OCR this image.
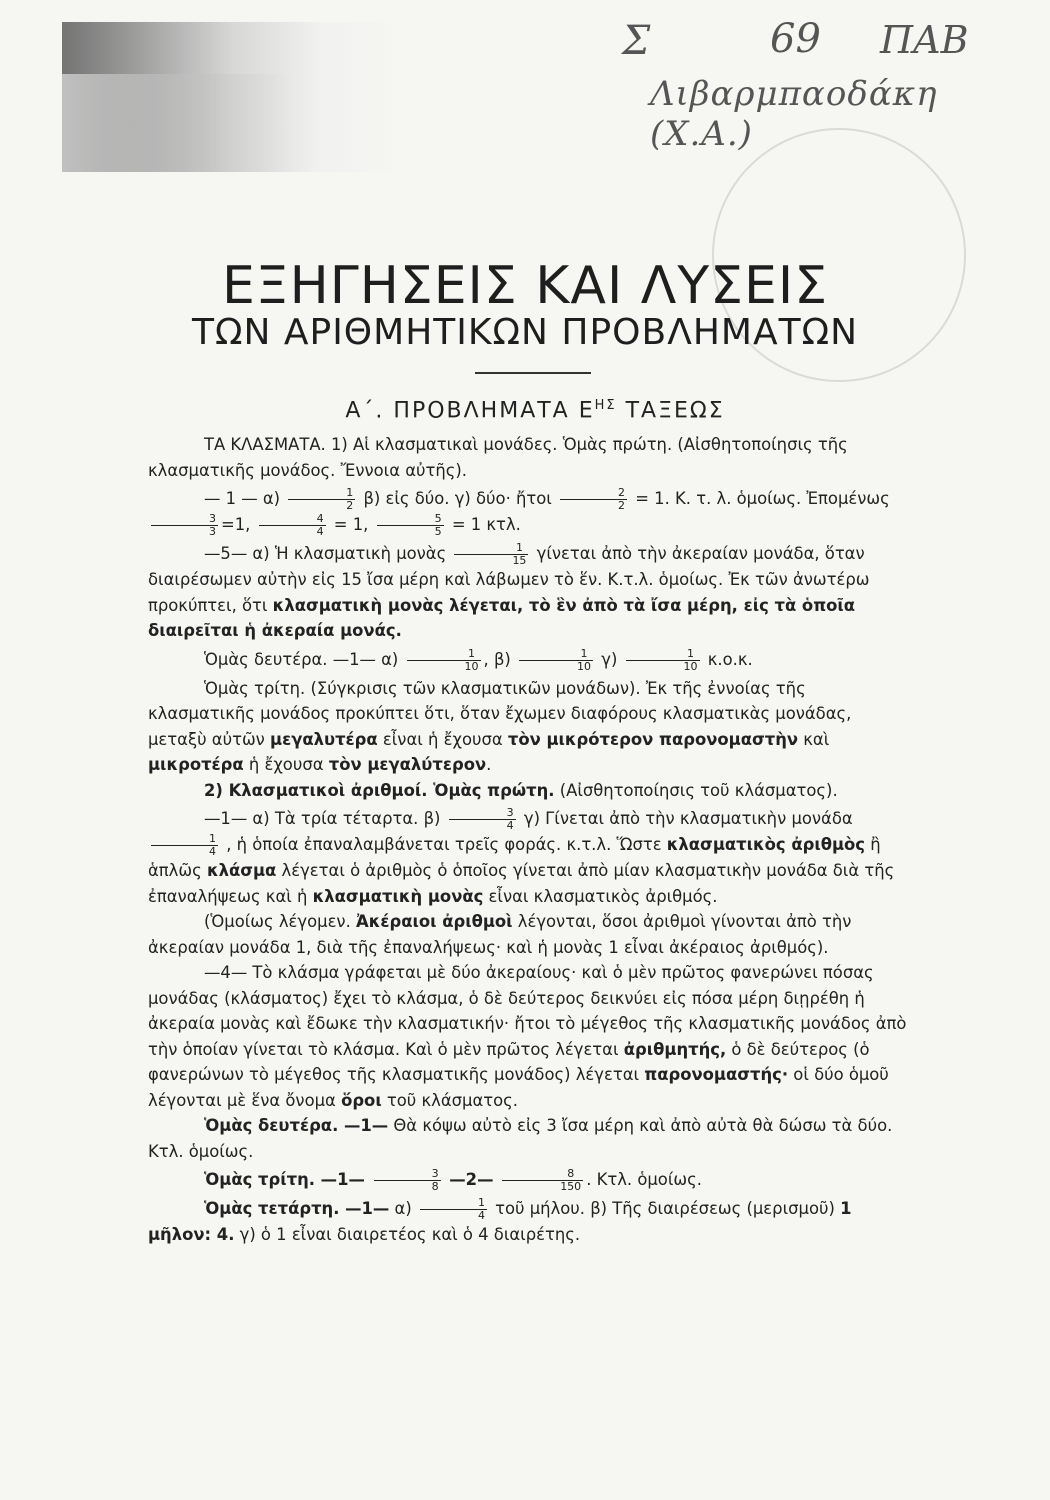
Σ	69 ΠΑΒ
Λιβαρμπαοδάκη (Χ.Α.)
ΕΞΗΓΗΣΕΙΣ ΚΑΙ ΛΥΣΕΙΣ
ΤΩΝ ΑΡΙΘΜΗΤΙΚΩΝ ΠΡΟΒΛΗΜΑΤΩΝ
Α΄. ΠΡΟΒΛΗΜΑΤΑ $E^{H\Sigma}$ ΤΑΞΕΩΣ

ΤΑ ΚΛΑΣΜΑΤΑ. 1) Αἱ κλασματικαὶ μονάδες. Ὁμὰς πρώτη. (Αἰσθητοποίησις τῆς κλασματικῆς μονάδος. Ἔννοια αὐτῆς).

— 1 — $\alpha) \frac{1}{2} \beta$) εἰς δύο. γ) δύο· ἤτοι $\frac{2}{2} = 1$. Κ. τ. λ. ὁμοίως. Ἐπομένως

$\frac{3}{3} =1$, $\frac{4}{4} = 1$, $\frac{5}{5} = 1$ κτλ.

—5— α) Ἡ κλασματικὴ μονὰς $\frac{1}{15}$ γίνεται ἀπὸ τὴν ἀκεραίαν μονάδα, ὅταν διαιρέσωμεν αὐτὴν εἰς 15 ἴσα μέρη καὶ λάβωμεν τὸ ἕν. Κ.τ.λ. ὁμοίως. Ἐκ τῶν ἀνωτέρω προκύπτει, ὅτι κλασματικὴ μονὰς λέγεται, τὸ ἓν ἀπὸ τὰ ἴσα μέρη, εἰς τὰ ὁποῖα διαιρεῖται ἡ ἀκεραία μονάς.

Ὁμὰς δευτέρα. —1— $\alpha) \frac{1}{10}$ , $\beta) \frac{1}{10} \gamma) \frac{1}{10} \kappa.o.\kappa$.

Ὁμὰς τρίτη. (Σύγκρισις τῶν κλασματικῶν μονάδων). Ἐκ τῆς ἐννοίας τῆς κλασματικῆς μονάδος προκύπτει ὅτι, ὅταν ἔχωμεν διαφόρους κλασματικὰς μονάδας, μεταξὺ αὐτῶν μεγαλυτέρα εἶναι ἡ ἔχουσα τὸν μικρότερον παρονομαστὴν καὶ μικροτέρα ἡ ἔχουσα τὸν μεγαλύτερον.

2) Κλασματικοὶ ἀριθμοί. Ὁμὰς πρώτη. (Αἰσθητοποίησις τοῦ κλάσματος).

—1— α) Τὰ τρία τέταρτα. $\beta) \frac{3}{4} \gamma$) Γίνεται ἀπὸ τὴν κλασματικὴν μονάδα
$\frac{1}{4}$ , ἡ ὁποία ἐπαναλαμβάνεται τρεῖς φοράς. κ.τ.λ. Ὥστε κλασματικὸς ἀριθμὸς ἢ ἁπλῶς κλάσμα λέγεται ὁ ἀριθμὸς ὁ ὁποῖος γίνεται ἀπὸ μίαν κλασματικὴν μονάδα διὰ τῆς ἐπαναλήψεως καὶ ἡ κλασματικὴ μονὰς εἶναι κλασματικὸς ἀριθμός.

(Ὁμοίως λέγομεν. Ἀκέραιοι ἀριθμοὶ λέγονται, ὅσοι ἀριθμοὶ γίνονται ἀπὸ τὴν ἀκεραίαν μονάδα 1, διὰ τῆς ἐπαναλήψεως· καὶ ἡ μονὰς 1 εἶναι ἀκέραιος ἀριθμός).

—4— Τὸ κλάσμα γράφεται μὲ δύο ἀκεραίους· καὶ ὁ μὲν πρῶτος φανερώνει πόσας μονάδας (κλάσματος) ἔχει τὸ κλάσμα, ὁ δὲ δεύτερος δεικνύει εἰς πόσα μέρη διῃρέθη ἡ ἀκεραία μονὰς καὶ ἔδωκε τὴν κλασματικήν· ἤτοι τὸ μέγεθος τῆς κλασματικῆς μονάδος ἀπὸ τὴν ὁποίαν γίνεται τὸ κλάσμα. Καὶ ὁ μὲν πρῶτος λέγεται ἀριθμητής, ὁ δὲ δεύτερος (ὁ φανερώνων τὸ μέγεθος τῆς κλασματικῆς μονάδος) λέγεται παρονομαστής· οἱ δύο ὁμοῦ λέγονται μὲ ἕνα ὄνομα ὅροι τοῦ κλάσματος.

Ὁμὰς δευτέρα. —1— Θὰ κόψω αὐτὸ εἰς 3 ἴσα μέρη καὶ ἀπὸ αὐτὰ θὰ δώσω τὰ δύο. Κτλ. ὁμοίως.

Ὁμὰς τρίτη. —1— $\frac{3}{8}$ —2— $\frac{8}{150}$ . Κτλ. ὁμοίως.

Ὁμὰς τετάρτη. —1— $\alpha) \frac{1}{4}$ τοῦ μήλου. β) Τῆς διαιρέσεως (μερισμοῦ) 1 μῆλον: 4. γ) ὁ 1 εἶναι διαιρετέος καὶ ὁ 4 διαιρέτης.
